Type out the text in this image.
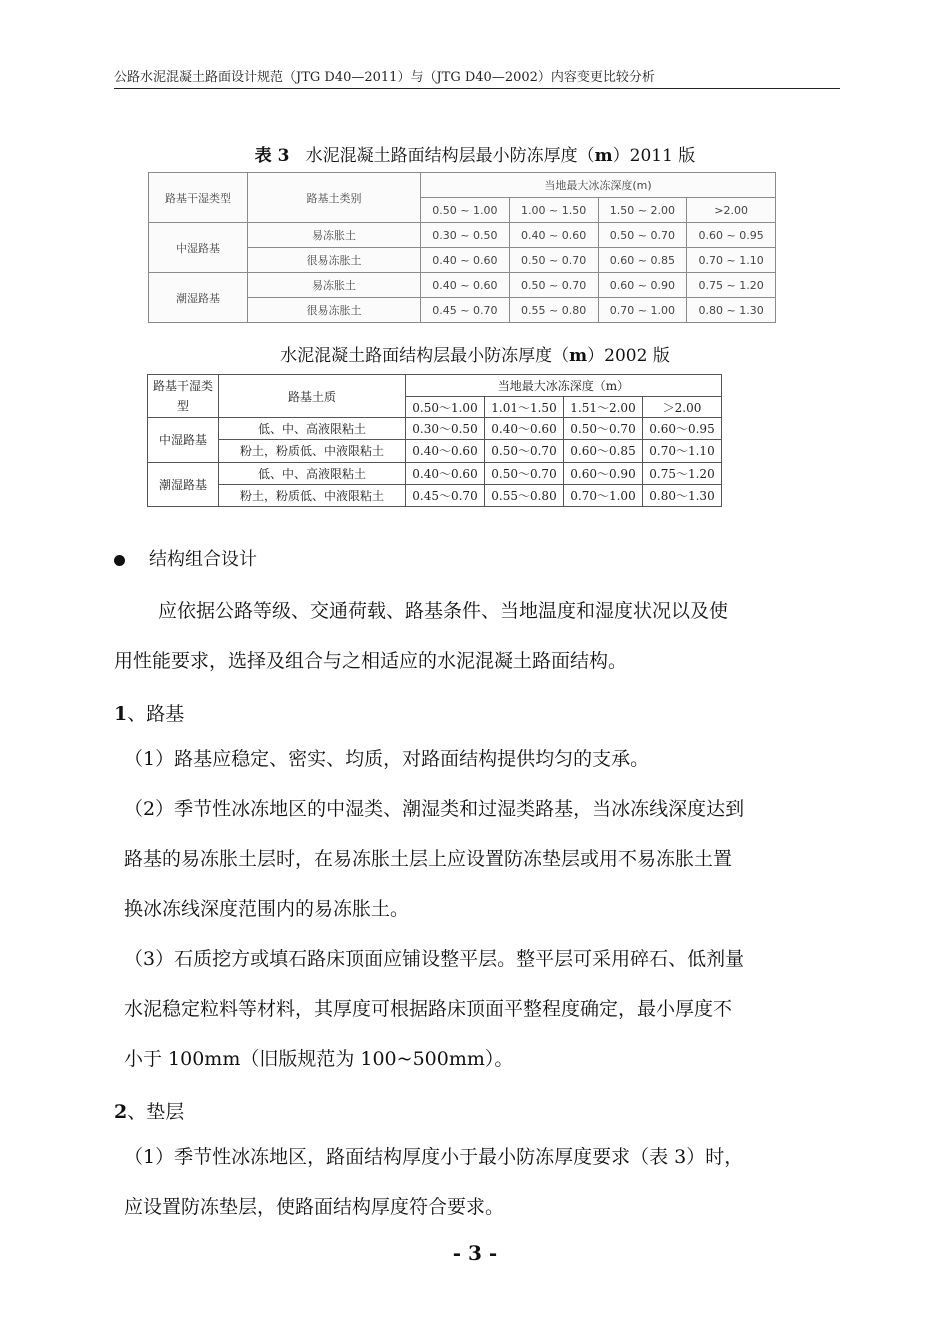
公路水泥混凝土路面设计规范（JTG D40—2011）与（JTG D40—2002）内容变更比较分析
表 3 水泥混凝土路面结构层最小防冻厚度（m）2011 版
路基干湿类型	路基土类别	当地最大冰冻深度(m)			
		0.50 ~ 1.00	1.00 ~ 1.50	1.50 ~ 2.00	>2.00
中湿路基	易冻胀土	0.30 ~ 0.50	0.40 ~ 0.60	0.50 ~ 0.70	0.60 ~ 0.95
	很易冻胀土	0.40 ~ 0.60	0.50 ~ 0.70	0.60 ~ 0.85	0.70 ~ 1.10
潮湿路基	易冻胀土	0.40 ~ 0.60	0.50 ~ 0.70	0.60 ~ 0.90	0.75 ~ 1.20
	很易冻胀土	0.45 ~ 0.70	0.55 ~ 0.80	0.70 ~ 1.00	0.80 ~ 1.30
水泥混凝土路面结构层最小防冻厚度（m）2002 版
路基干湿类型	路基土质	当地最大冰冻深度（m）			
		0.50～1.00	1.01～1.50	1.51～2.00	＞2.00
中湿路基	低、中、高液限粘土	0.30～0.50	0.40～0.60	0.50～0.70	0.60～0.95
	粉土，粉质低、中液限粘土	0.40～0.60	0.50～0.70	0.60～0.85	0.70～1.10
潮湿路基	低、中、高液限粘土	0.40～0.60	0.50～0.70	0.60～0.90	0.75～1.20
	粉土，粉质低、中液限粘土	0.45～0.70	0.55～0.80	0.70～1.00	0.80～1.30
结构组合设计
应依据公路等级、交通荷载、路基条件、当地温度和湿度状况以及使
用性能要求，选择及组合与之相适应的水泥混凝土路面结构。
1、路基
（1）路基应稳定、密实、均质，对路面结构提供均匀的支承。
（2）季节性冰冻地区的中湿类、潮湿类和过湿类路基，当冰冻线深度达到
路基的易冻胀土层时，在易冻胀土层上应设置防冻垫层或用不易冻胀土置
换冰冻线深度范围内的易冻胀土。
（3）石质挖方或填石路床顶面应铺设整平层。整平层可采用碎石、低剂量
水泥稳定粒料等材料，其厚度可根据路床顶面平整程度确定，最小厚度不
小于 100mm（旧版规范为 100~500mm）。
2、垫层
（1）季节性冰冻地区，路面结构厚度小于最小防冻厚度要求（表 3）时，
应设置防冻垫层，使路面结构厚度符合要求。
- 3 -
